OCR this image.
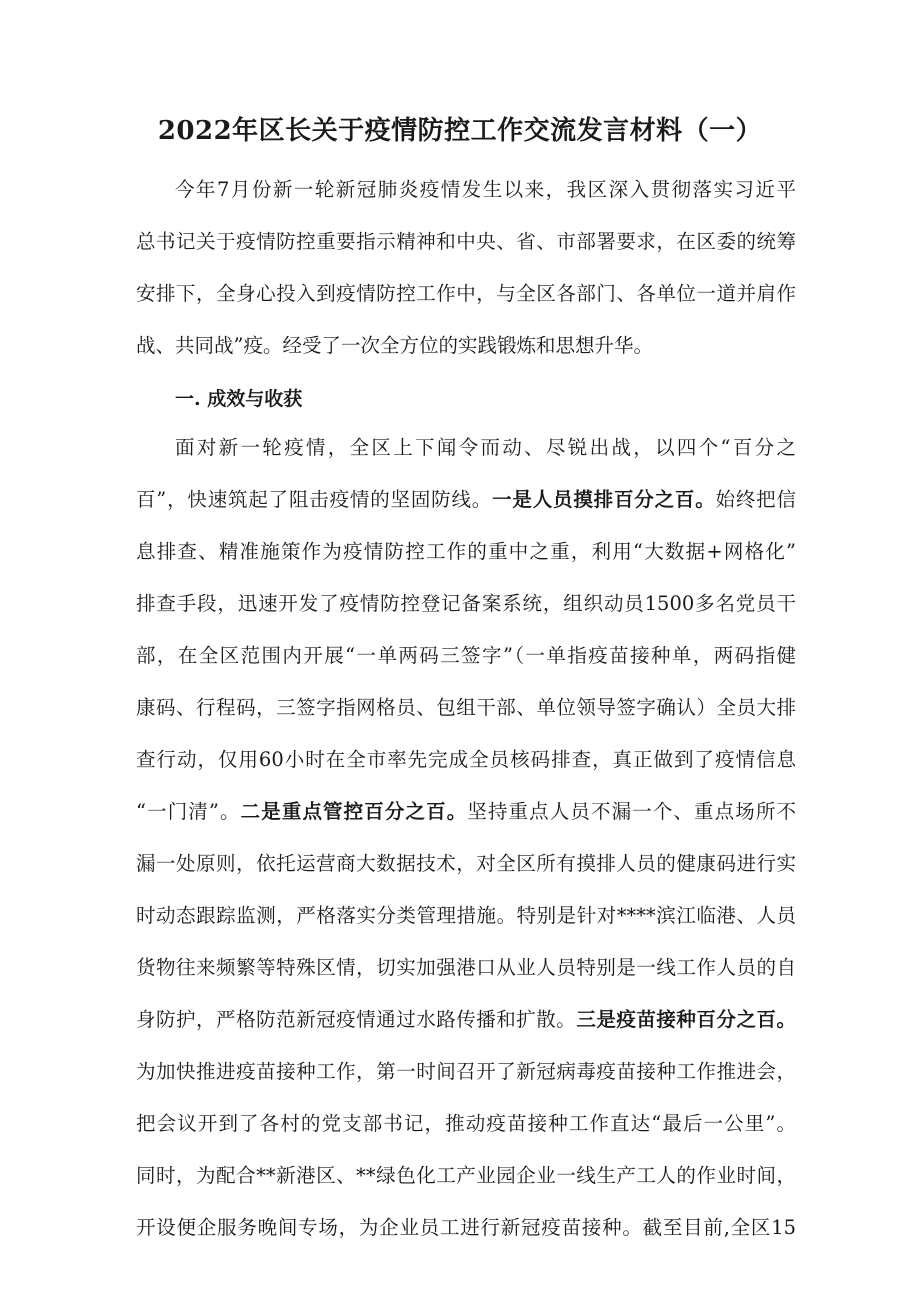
2022年区长关于疫情防控工作交流发言材料（一）
今年7月份新一轮新冠肺炎疫情发生以来，我区深入贯彻落实习近平
总书记关于疫情防控重要指示精神和中央、省、市部署要求，在区委的统筹
安排下，全身心投入到疫情防控工作中，与全区各部门、各单位一道并肩作
战、共同战”疫。经受了一次全方位的实践锻炼和思想升华。
一. 成效与收获
面对新一轮疫情，全区上下闻令而动、尽锐出战，以四个“百分之
百”，快速筑起了阻击疫情的坚固防线。一是人员摸排百分之百。始终把信
息排查、精准施策作为疫情防控工作的重中之重，利用“大数据+网格化”
排查手段，迅速开发了疫情防控登记备案系统，组织动员1500多名党员干
部，在全区范围内开展“一单两码三签字”（一单指疫苗接种单，两码指健
康码、行程码，三签字指网格员、包组干部、单位领导签字确认）全员大排
查行动，仅用60小时在全市率先完成全员核码排查，真正做到了疫情信息
“一门清”。二是重点管控百分之百。坚持重点人员不漏一个、重点场所不
漏一处原则，依托运营商大数据技术，对全区所有摸排人员的健康码进行实
时动态跟踪监测，严格落实分类管理措施。特别是针对****滨江临港、人员
货物往来频繁等特殊区情，切实加强港口从业人员特别是一线工作人员的自
身防护，严格防范新冠疫情通过水路传播和扩散。三是疫苗接种百分之百。
为加快推进疫苗接种工作，第一时间召开了新冠病毒疫苗接种工作推进会，
把会议开到了各村的党支部书记，推动疫苗接种工作直达“最后一公里”。
同时，为配合**新港区、**绿色化工产业园企业一线生产工人的作业时间，
开设便企服务晚间专场，为企业员工进行新冠疫苗接种。截至目前,全区15
